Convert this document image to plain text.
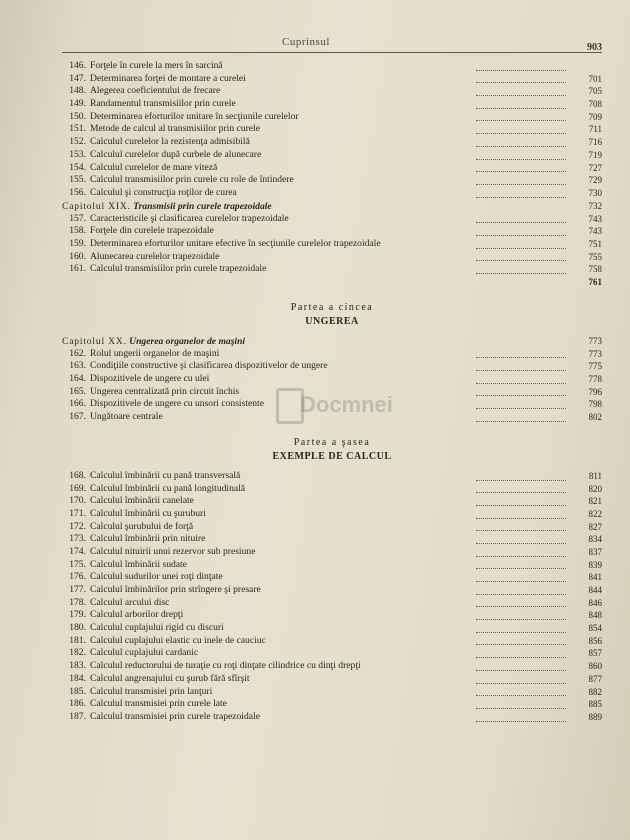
Cuprinsul	903
Docmnei
146. Forţele în curele la mers în sarcină
147. Determinarea forţei de montare a curelei	701
148. Alegerea coeficientului de frecare	705
149. Randamentul transmisiilor prin curele	708
150. Determinarea eforturilor unitare în secţiunile curelelor	709
151. Metode de calcul al transmisiilor prin curele	711
152. Calculul curelelor la rezistenţa admisibilă	716
153. Calculul curelelor după curbele de alunecare	719
154. Calculul curelelor de mare viteză	727
155. Calculul transmisiilor prin curele cu role de întindere	729
156. Calculul şi construcţia roţilor de curea	730
Capitolul XIX. Transmisii prin curele trapezoidale	732
157. Caracteristicile şi clasificarea curelelor trapezoidale	743
158. Forţele din curelele trapezoidale	743
159. Determinarea eforturilor unitare efective în secţiunile curelelor trapezoidale	751
160. Alunecarea curelelor trapezoidale	755
161. Calculul transmisiilor prin curele trapezoidale	758
761
Partea a cincea
UNGEREA
Capitolul XX. Ungerea organelor de maşini	773
162. Rolul ungerii organelor de maşini	773
163. Condiţiile constructive şi clasificarea dispozitivelor de ungere	775
164. Dispozitivele de ungere cu ulei	778
165. Ungerea centralizată prin circuit închis	796
166. Dispozitivele de ungere cu unsori consistente	798
167. Ungătoare centrale	802
Partea a şasea
EXEMPLE DE CALCUL
168. Calculul îmbinării cu pană transversală	811
169. Calculul îmbinării cu pană longitudinală	820
170. Calculul îmbinării canelate	821
171. Calculul îmbinării cu şuruburi	822
172. Calculul şurubului de forţă	827
173. Calculul îmbinării prin nituire	834
174. Calculul nituirii unui rezervor sub presiune	837
175. Calculul îmbinării sudate	839
176. Calculul sudurilor unei roţi dinţate	841
177. Calculul îmbinărilor prin strîngere şi presare	844
178. Calculul arcului disc	846
179. Calculul arborilor drepţi	848
180. Calculul cuplajului rigid cu discuri	854
181. Calculul cuplajului elastic cu inele de cauciuc	856
182. Calculul cuplajului cardanic	857
183. Calculul reductorului de turaţie cu roţi dinţate cilindrice cu dinţi drepţi	860
184. Calculul angrenajului cu şurub fără sfîrşit	877
185. Calculul transmisiei prin lanţuri	882
186. Calculul transmisiei prin curele late	885
187. Calculul transmisiei prin curele trapezoidale	889
